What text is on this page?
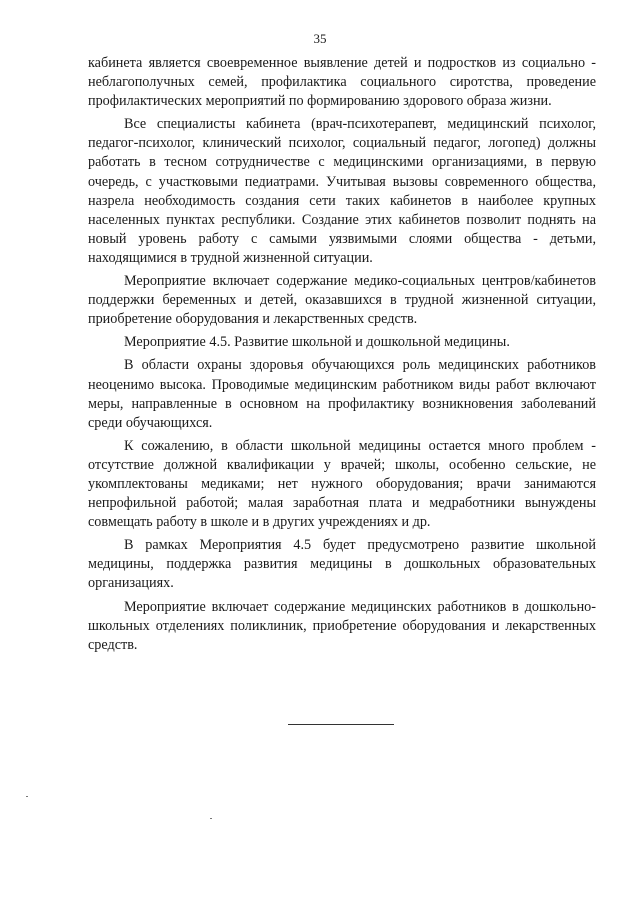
35

кабинета является своевременное выявление детей и подростков из социально - неблагополучных семей, профилактика социального сиротства, проведение профилактических мероприятий по формированию здорового образа жизни.

Все специалисты кабинета (врач-психотерапевт, медицинский психолог, педагог-психолог, клинический психолог, социальный педагог, логопед) должны работать в тесном сотрудничестве с медицинскими организациями, в первую очередь, с участковыми педиатрами. Учитывая вызовы современного общества, назрела необходимость создания сети таких кабинетов в наиболее крупных населенных пунктах республики. Создание этих кабинетов позволит поднять на новый уровень работу с самыми уязвимыми слоями общества - детьми, находящимися в трудной жизненной ситуации.

Мероприятие включает содержание медико-социальных центров/кабинетов поддержки беременных и детей, оказавшихся в трудной жизненной ситуации, приобретение оборудования и лекарственных средств.

Мероприятие 4.5. Развитие школьной и дошкольной медицины.

В области охраны здоровья обучающихся роль медицинских работников неоценимо высока. Проводимые медицинским работником виды работ включают меры, направленные в основном на профилактику возникновения заболеваний среди обучающихся.

К сожалению, в области школьной медицины остается много проблем - отсутствие должной квалификации у врачей; школы, особенно сельские, не укомплектованы медиками; нет нужного оборудования; врачи занимаются непрофильной работой; малая заработная плата и медработники вынуждены совмещать работу в школе и в других учреждениях и др.

В рамках Мероприятия 4.5 будет предусмотрено развитие школьной медицины, поддержка развития медицины в дошкольных образовательных организациях.

Мероприятие включает содержание медицинских работников в дошкольно-школьных отделениях поликлиник, приобретение оборудования и лекарственных средств.
